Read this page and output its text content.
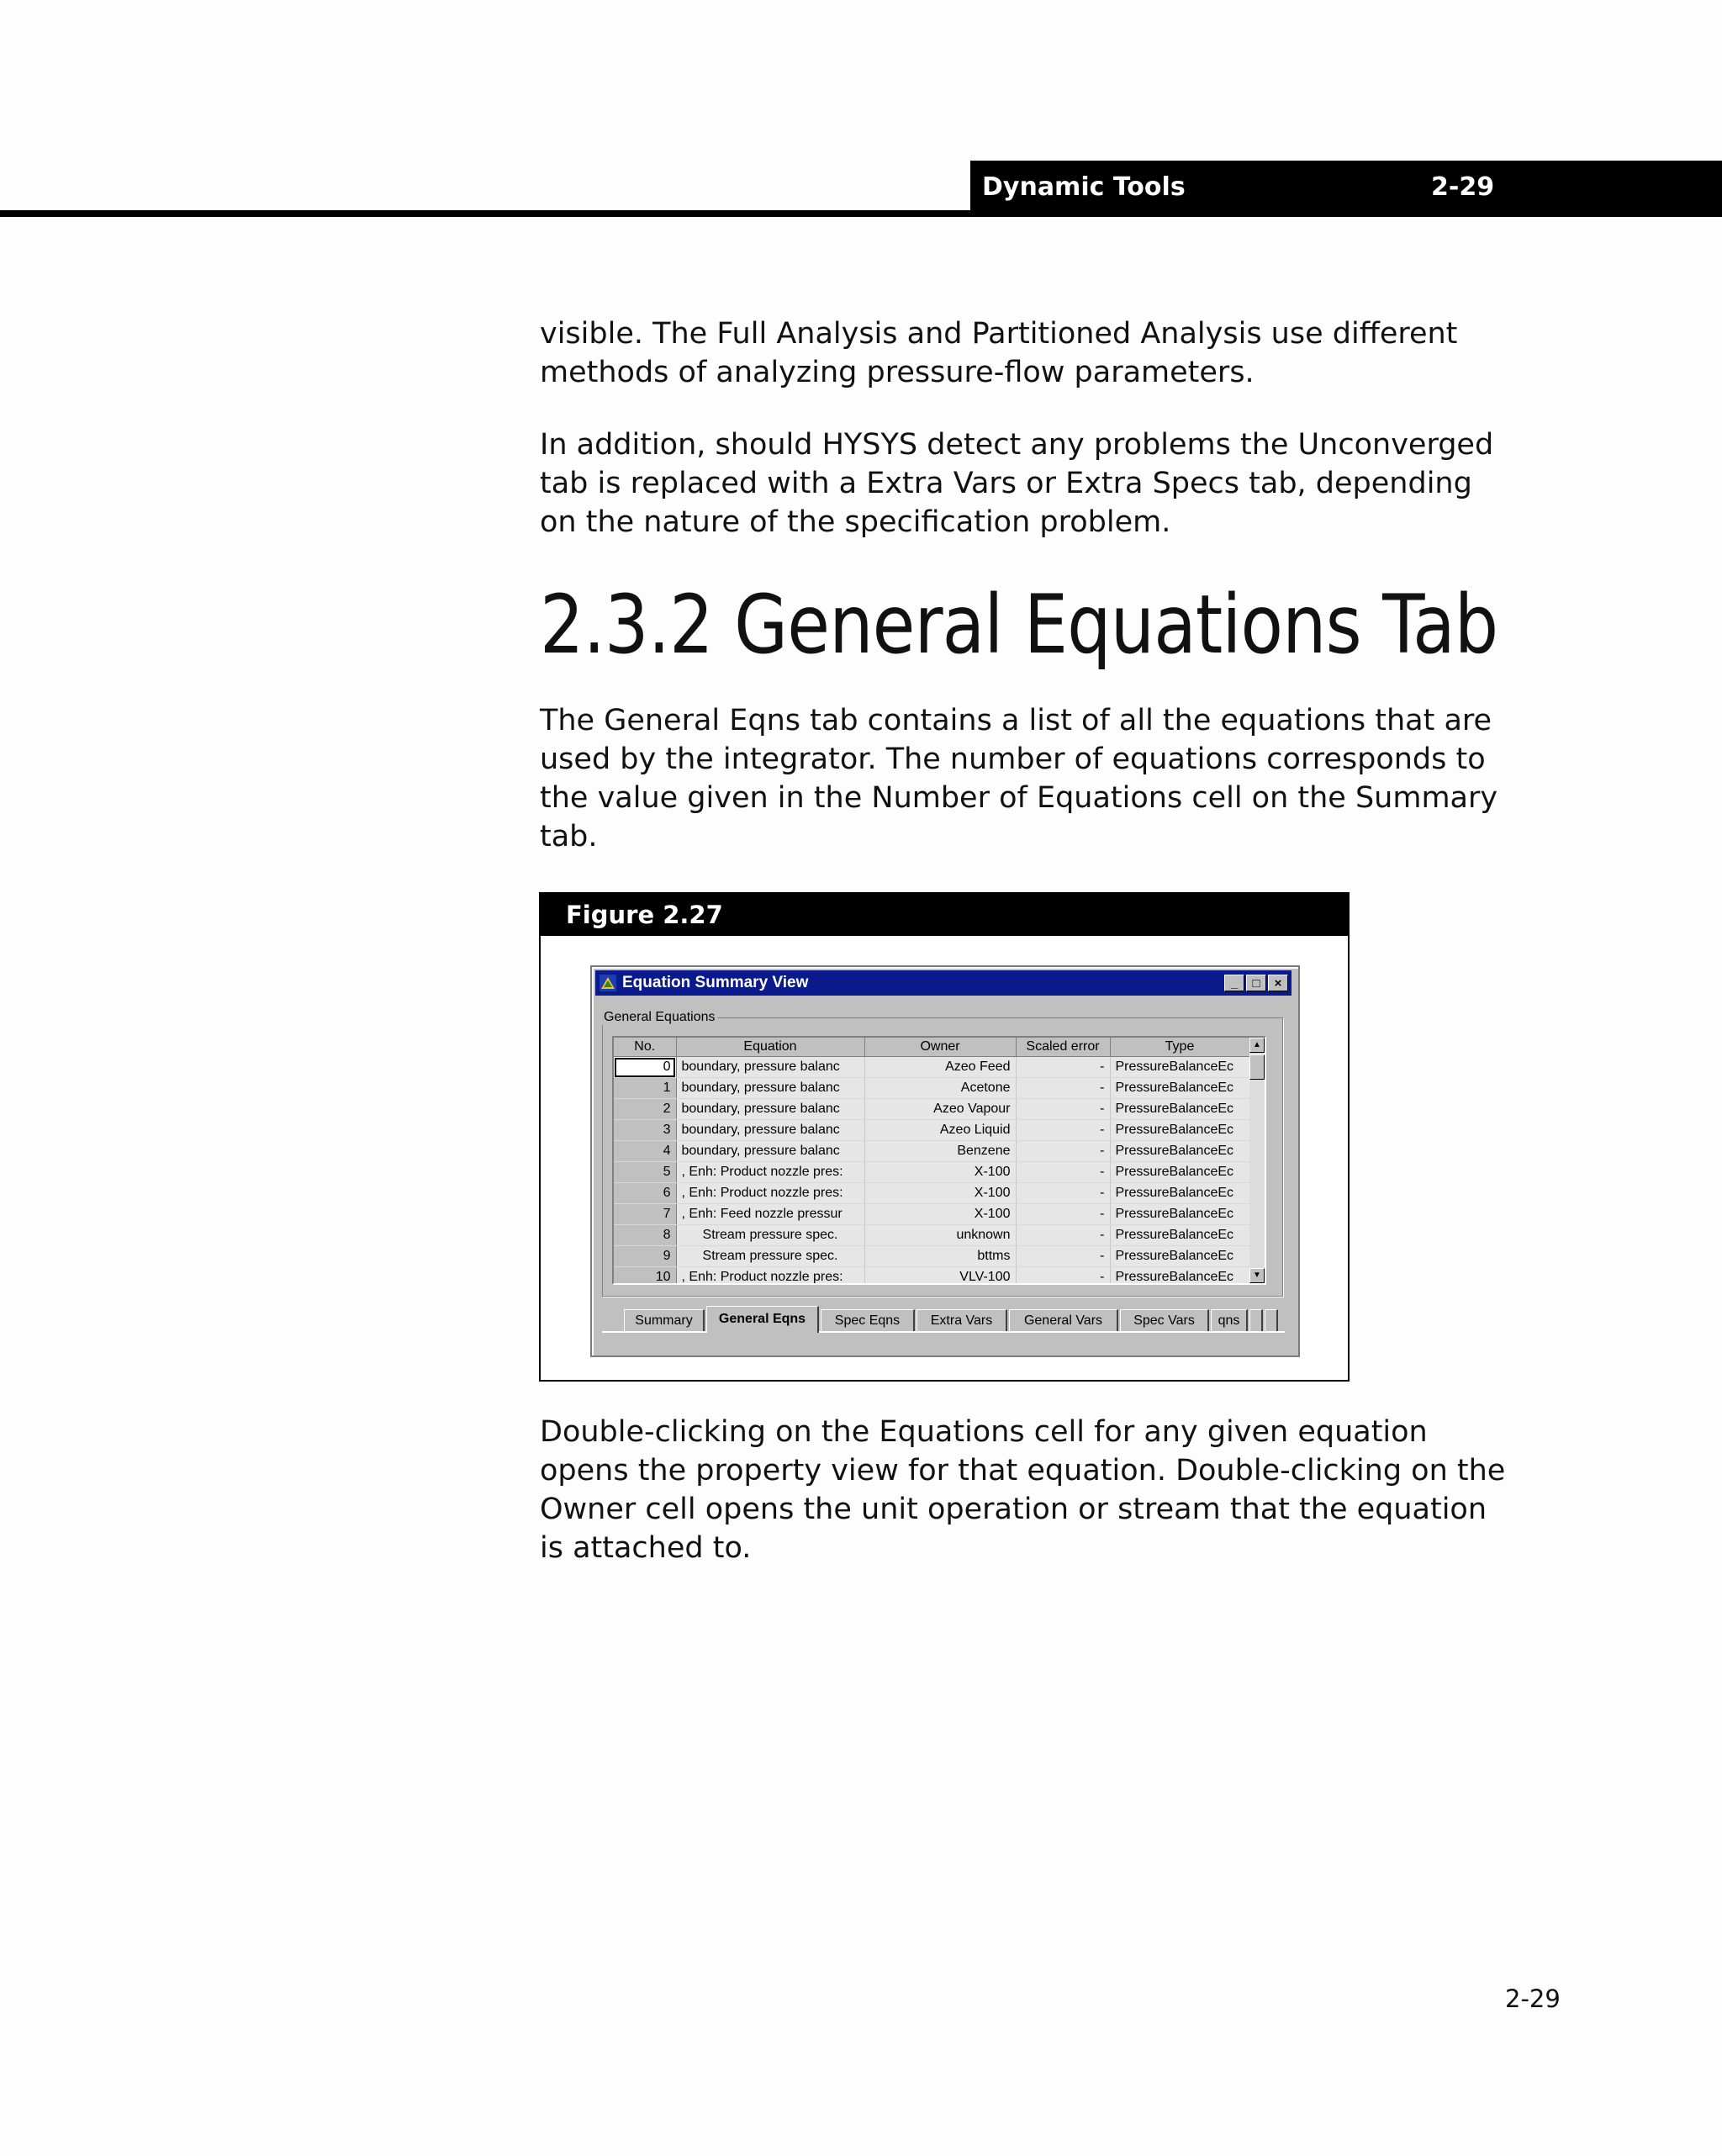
Dynamic Tools	2-29

visible. The Full Analysis and Partitioned Analysis use different methods of analyzing pressure-flow parameters.

In addition, should HYSYS detect any problems the Unconverged tab is replaced with a Extra Vars or Extra Specs tab, depending on the nature of the specification problem.

2.3.2 General Equations Tab

The General Eqns tab contains a list of all the equations that are used by the integrator. The number of equations corresponds to the value given in the Number of Equations cell on the Summary tab.

Figure 2.27
Equation Summary View	_	□	×
General Equations
No.	Equation	Owner	Scaled error	Type
0	boundary, pressure balanc	Azeo Feed	-	PressureBalanceEc
1	boundary, pressure balanc	Acetone	-	PressureBalanceEc
2	boundary, pressure balanc	Azeo Vapour	-	PressureBalanceEc
3	boundary, pressure balanc	Azeo Liquid	-	PressureBalanceEc
4	boundary, pressure balanc	Benzene	-	PressureBalanceEc
5	, Enh: Product nozzle pres:	X-100	-	PressureBalanceEc
6	, Enh: Product nozzle pres:	X-100	-	PressureBalanceEc
7	, Enh: Feed nozzle pressur	X-100	-	PressureBalanceEc
8	Stream pressure spec.	unknown	-	PressureBalanceEc
9	Stream pressure spec.	bttms	-	PressureBalanceEc
10	, Enh: Product nozzle pres:	VLV-100	-	PressureBalanceEc
▲
▼
Summary	General Eqns	Spec Eqns	Extra Vars	General Vars	Spec Vars	qns

Double-clicking on the Equations cell for any given equation opens the property view for that equation. Double-clicking on the Owner cell opens the unit operation or stream that the equation is attached to.

2-29
